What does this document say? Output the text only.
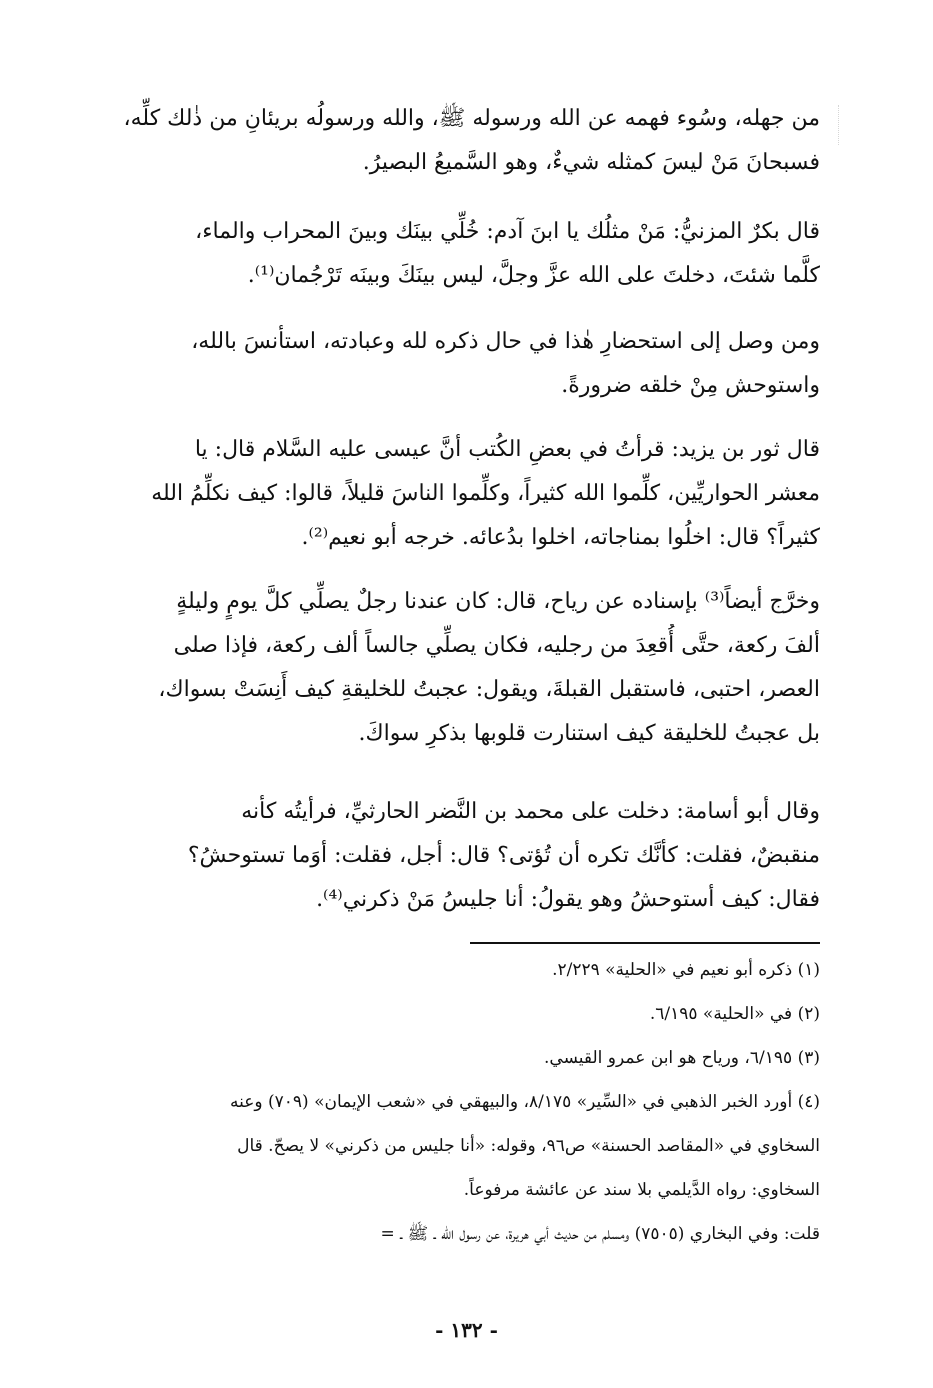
من جهله، وسُوء فهمه عن الله ورسوله ﷺ، والله ورسولُه بريئانِ من ذٰلك كلِّه،
فسبحانَ مَنْ ليسَ كمثله شيءٌ، وهو السَّميعُ البصيرُ.
قال بكرٌ المزنيُّ: مَنْ مثلُك يا ابنَ آدم: خُلِّي بينَك وبينَ المحراب والماء،
كلَّما شئتَ، دخلتَ على الله عزَّ وجلَّ، ليس بينَكَ وبينَه تَرْجُمان⁽¹⁾.
ومن وصل إلى استحضارِ هٰذا في حال ذكره لله وعبادته، استأنسَ بالله،
واستوحش مِنْ خلقه ضرورةً.
قال ثور بن يزيد: قرأتُ في بعضِ الكُتب أنَّ عيسى عليه السَّلام قال: يا
معشر الحواريِّين، كلِّموا الله كثيراً، وكلِّموا الناسَ قليلاً، قالوا: كيف نكلِّمُ الله
كثيراً؟ قال: اخلُوا بمناجاته، اخلوا بدُعائه. خرجه أبو نعيم⁽²⁾.
وخرَّج أيضاً⁽³⁾ بإسناده عن رياح، قال: كان عندنا رجلٌ يصلِّي كلَّ يومٍ وليلةٍ
ألفَ ركعة، حتَّى أُقعِدَ من رجليه، فكان يصلِّي جالساً ألف ركعة، فإذا صلى
العصر، احتبى، فاستقبل القبلةَ، ويقول: عجبتُ للخليقةِ كيف أَنِسَتْ بسواك،
بل عجبتُ للخليقة كيف استنارت قلوبها بذكرِ سواكَ.
وقال أبو أسامة: دخلت على محمد بن النَّضر الحارثيِّ، فرأيتُه كأنه
منقبضٌ، فقلت: كأنَّك تكره أن تُؤتى؟ قال: أجل، فقلت: أوَما تستوحشُ؟
فقال: كيف أستوحشُ وهو يقولُ: أنا جليسُ مَنْ ذكرني⁽⁴⁾.
(١) ذكره أبو نعيم في «الحلية» ٢/٢٢٩.
(٢) في «الحلية» ٦/١٩٥.
(٣) ٦/١٩٥، ورياح هو ابن عمرو القيسي.
(٤) أورد الخبر الذهبي في «السِّير» ٨/١٧٥، والبيهقي في «شعب الإيمان» (٧٠٩) وعنه
السخاوي في «المقاصد الحسنة» ص٩٦، وقوله: «أنا جليس من ذكرني» لا يصحّ. قال
السخاوي: رواه الدَّيلمي بلا سند عن عائشة مرفوعاً.
قلت: وفي البخاري (٧٥٠٥) ومسلم من حديث أبي هريرة، عن رسول الله ـ ﷺ ـ =
- ١٣٢ -
